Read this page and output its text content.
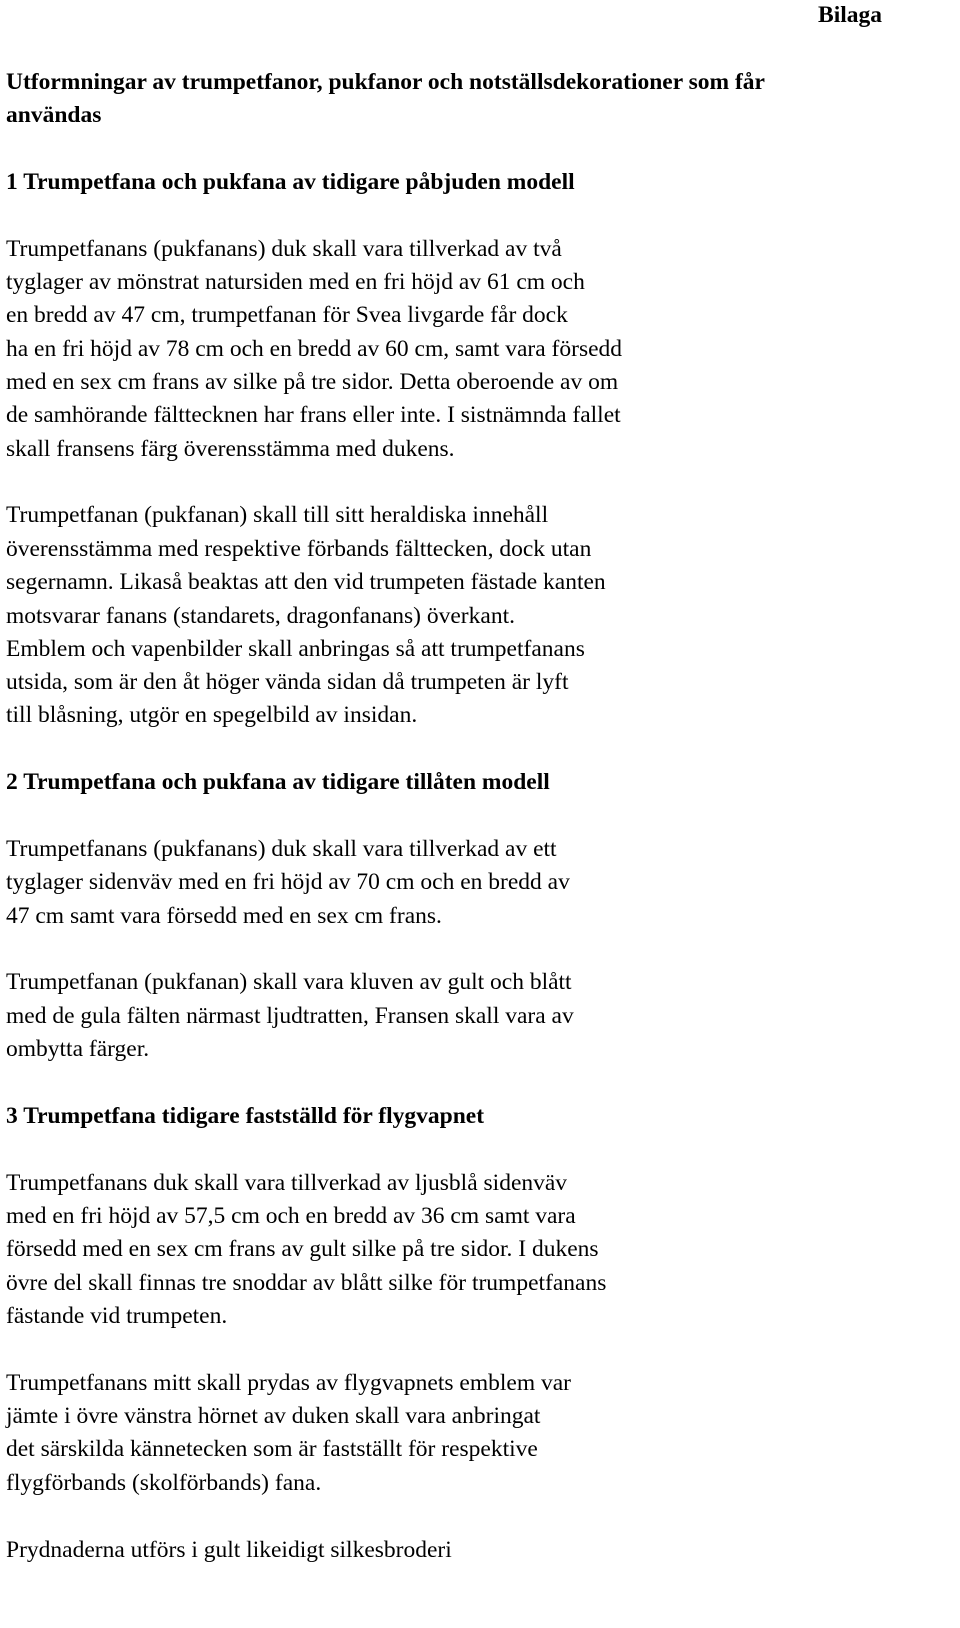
Bilaga
Utformningar av trumpetfanor, pukfanor och notställsdekorationer som får
användas
1 Trumpetfana och pukfana av tidigare påbjuden modell
Trumpetfanans (pukfanans) duk skall vara tillverkad av två
tyglager av mönstrat natursiden med en fri höjd av 61 cm och
en bredd av 47 cm, trumpetfanan för Svea livgarde får dock
ha en fri höjd av 78 cm och en bredd av 60 cm, samt vara försedd
med en sex cm frans av silke på tre sidor. Detta oberoende av om
de samhörande fälttecknen har frans eller inte. I sistnämnda fallet
skall fransens färg överensstämma med dukens.
Trumpetfanan (pukfanan) skall till sitt heraldiska innehåll
överensstämma med respektive förbands fälttecken, dock utan
segernamn. Likaså beaktas att den vid trumpeten fästade kanten
motsvarar fanans (standarets, dragonfanans) överkant.
Emblem och vapenbilder skall anbringas så att trumpetfanans
utsida, som är den åt höger vända sidan då trumpeten är lyft
till blåsning, utgör en spegelbild av insidan.
2 Trumpetfana och pukfana av tidigare tillåten modell
Trumpetfanans (pukfanans) duk skall vara tillverkad av ett
tyglager sidenväv med en fri höjd av 70 cm och en bredd av
47 cm samt vara försedd med en sex cm frans.
Trumpetfanan (pukfanan) skall vara kluven av gult och blått
med de gula fälten närmast ljudtratten, Fransen skall vara av
ombytta färger.
3 Trumpetfana tidigare fastställd för flygvapnet
Trumpetfanans duk skall vara tillverkad av ljusblå sidenväv
med en fri höjd av 57,5 cm och en bredd av 36 cm samt vara
försedd med en sex cm frans av gult silke på tre sidor. I dukens
övre del skall finnas tre snoddar av blått silke för trumpetfanans
fästande vid trumpeten.
Trumpetfanans mitt skall prydas av flygvapnets emblem var
jämte i övre vänstra hörnet av duken skall vara anbringat
det särskilda kännetecken som är fastställt för respektive
flygförbands (skolförbands) fana.
Prydnaderna utförs i gult likeidigt silkesbroderi
